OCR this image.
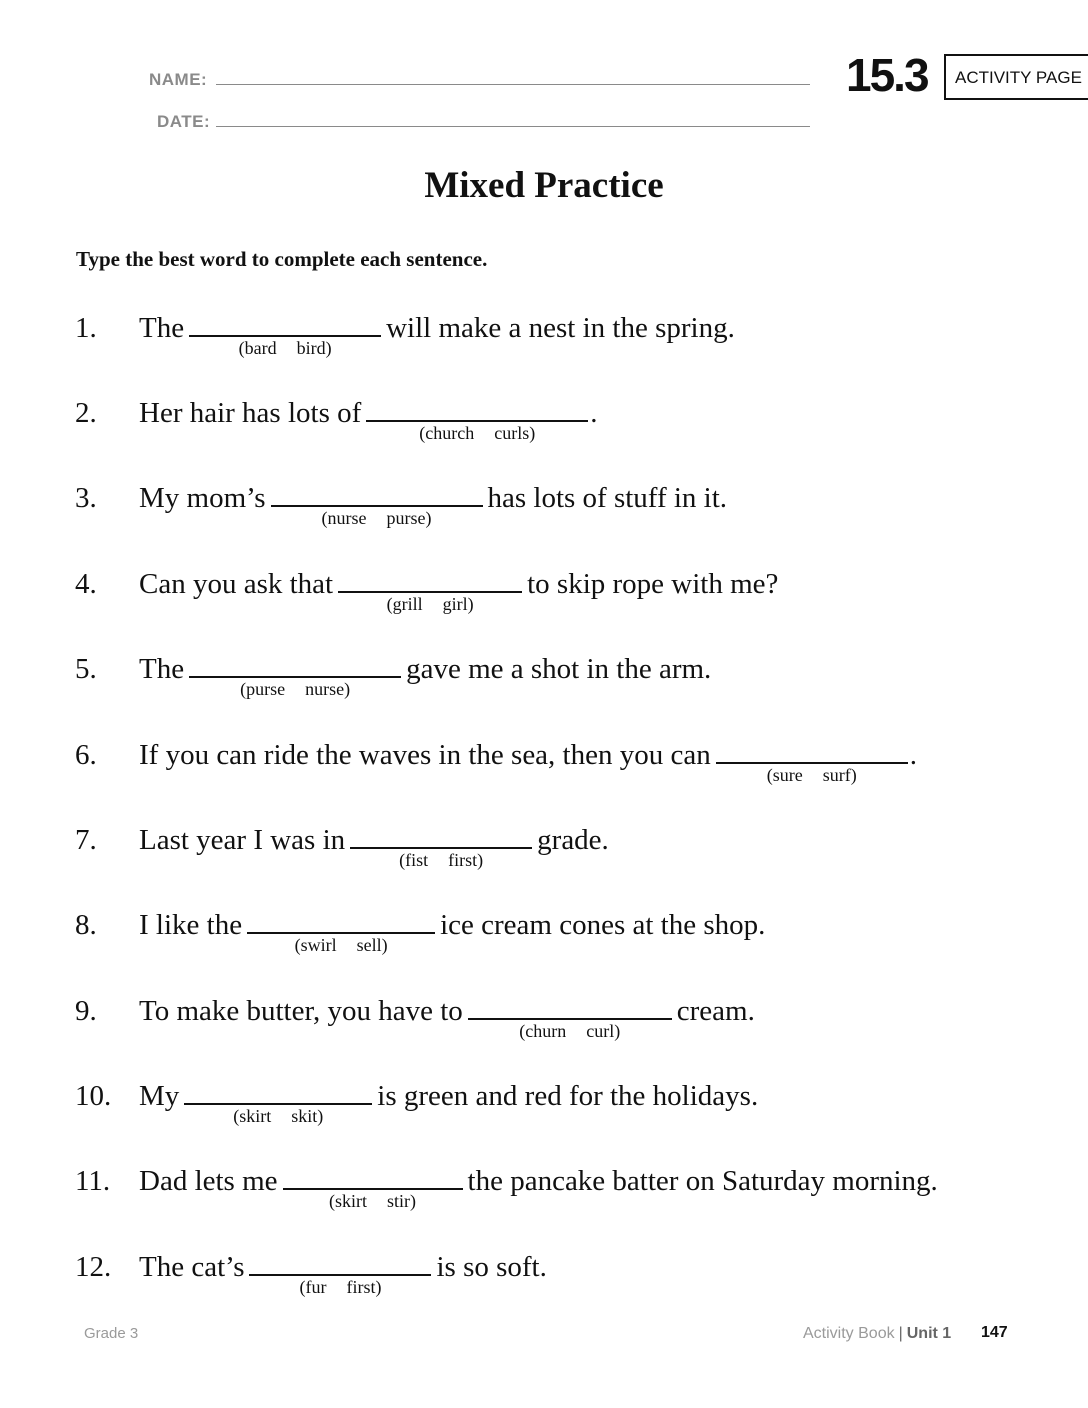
NAME:
DATE:
15.3	ACTIVITY PAGE
Mixed Practice
Type the best word to complete each sentence.
1. The
(bard bird)
will make a nest in the spring.
2. Her hair has lots of
(church curls)
.
3. My mom’s
(nurse purse)
has lots of stuff in it.
4. Can you ask that
(grill girl)
to skip rope with me?
5. The
(purse nurse)
gave me a shot in the arm.
6. If you can ride the waves in the sea, then you can
(sure surf)
.
7. Last year I was in
(fist first)
grade.
8. I like the
(swirl sell)
ice cream cones at the shop.
9. To make butter, you have to
(churn curl)
cream.
10. My
(skirt skit)
is green and red for the holidays.
11. Dad lets me
(skirt stir)
the pancake batter on Saturday morning.
12. The cat’s
(fur first)
is so soft.
Grade 3	Activity Book | Unit 1 147
